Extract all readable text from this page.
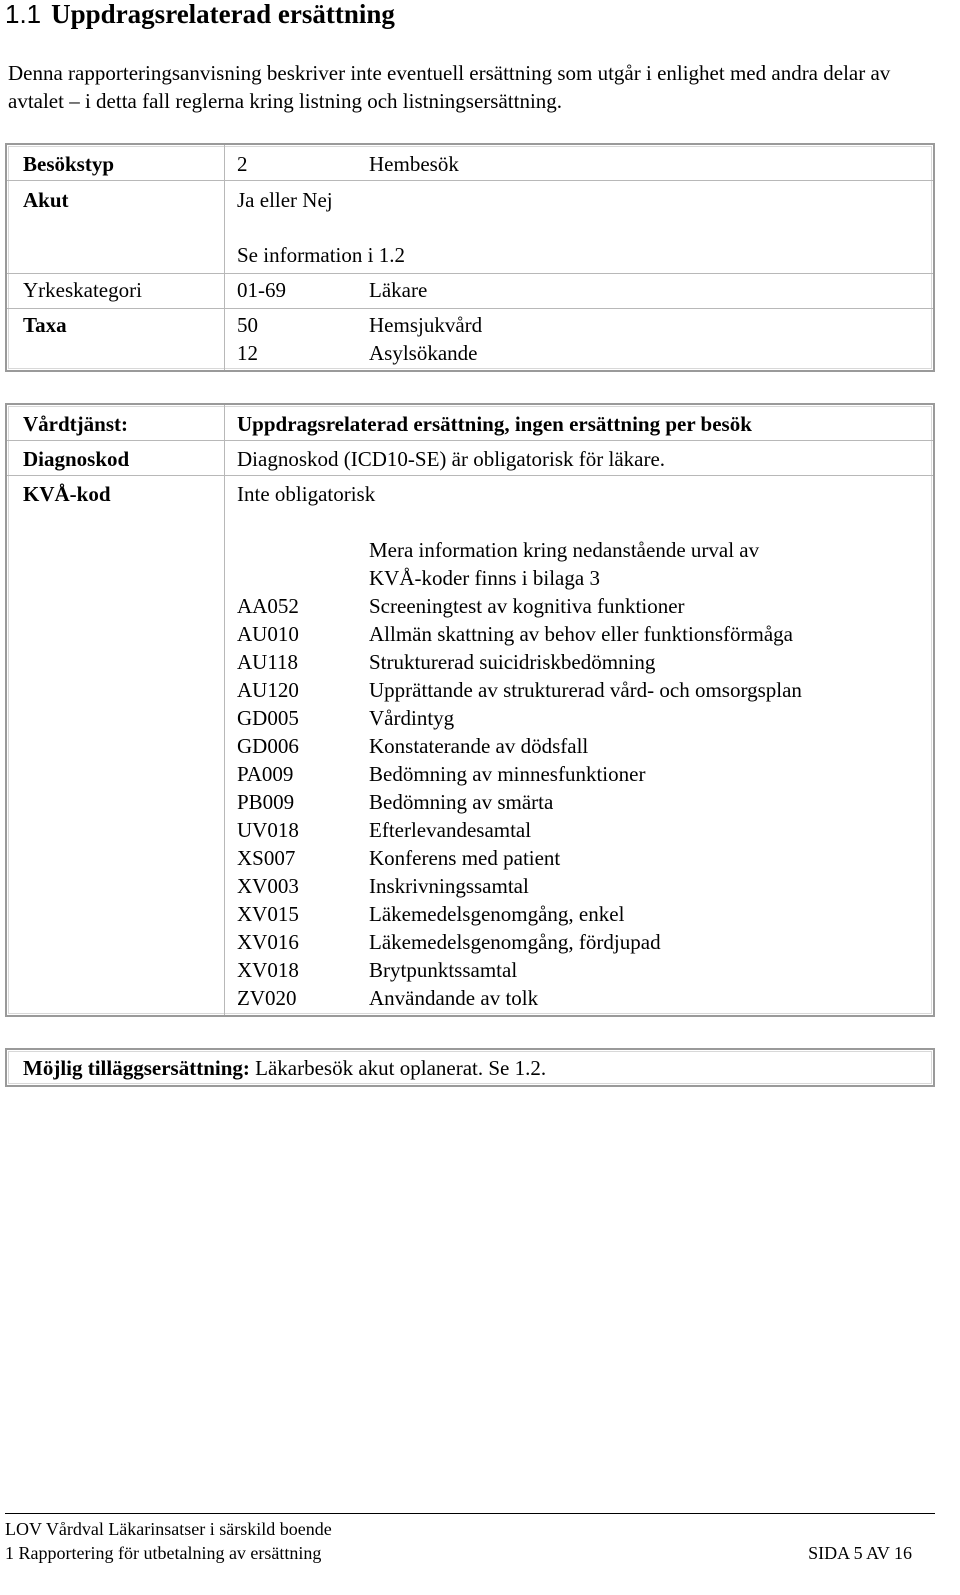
1.1 Uppdragsrelaterad ersättning
Denna rapporteringsanvisning beskriver inte eventuell ersättning som utgår i enlighet med andra delar av avtalet – i detta fall reglerna kring listning och listningsersättning.
Besökstyp	2	Hembesök
Akut	Ja eller Nej
Se information i 1.2
Yrkeskategori	01-69	Läkare
Taxa	50	Hemsjukvård
12	Asylsökande
Vårdtjänst:	Uppdragsrelaterad ersättning, ingen ersättning per besök
Diagnoskod	Diagnoskod (ICD10-SE) är obligatorisk för läkare.
KVÅ-kod	Inte obligatorisk
Mera information kring nedanstående urval av
KVÅ-koder finns i bilaga 3
AA052	Screeningtest av kognitiva funktioner
AU010	Allmän skattning av behov eller funktionsförmåga
AU118	Strukturerad suicidriskbedömning
AU120	Upprättande av strukturerad vård- och omsorgsplan
GD005	Vårdintyg
GD006	Konstaterande av dödsfall
PA009	Bedömning av minnesfunktioner
PB009	Bedömning av smärta
UV018	Efterlevandesamtal
XS007	Konferens med patient
XV003	Inskrivningssamtal
XV015	Läkemedelsgenomgång, enkel
XV016	Läkemedelsgenomgång, fördjupad
XV018	Brytpunktssamtal
ZV020	Användande av tolk
Möjlig tilläggsersättning: Läkarbesök akut oplanerat. Se 1.2.
LOV Vårdval Läkarinsatser i särskild boende
1 Rapportering för utbetalning av ersättning	SIDA 5 AV 16
